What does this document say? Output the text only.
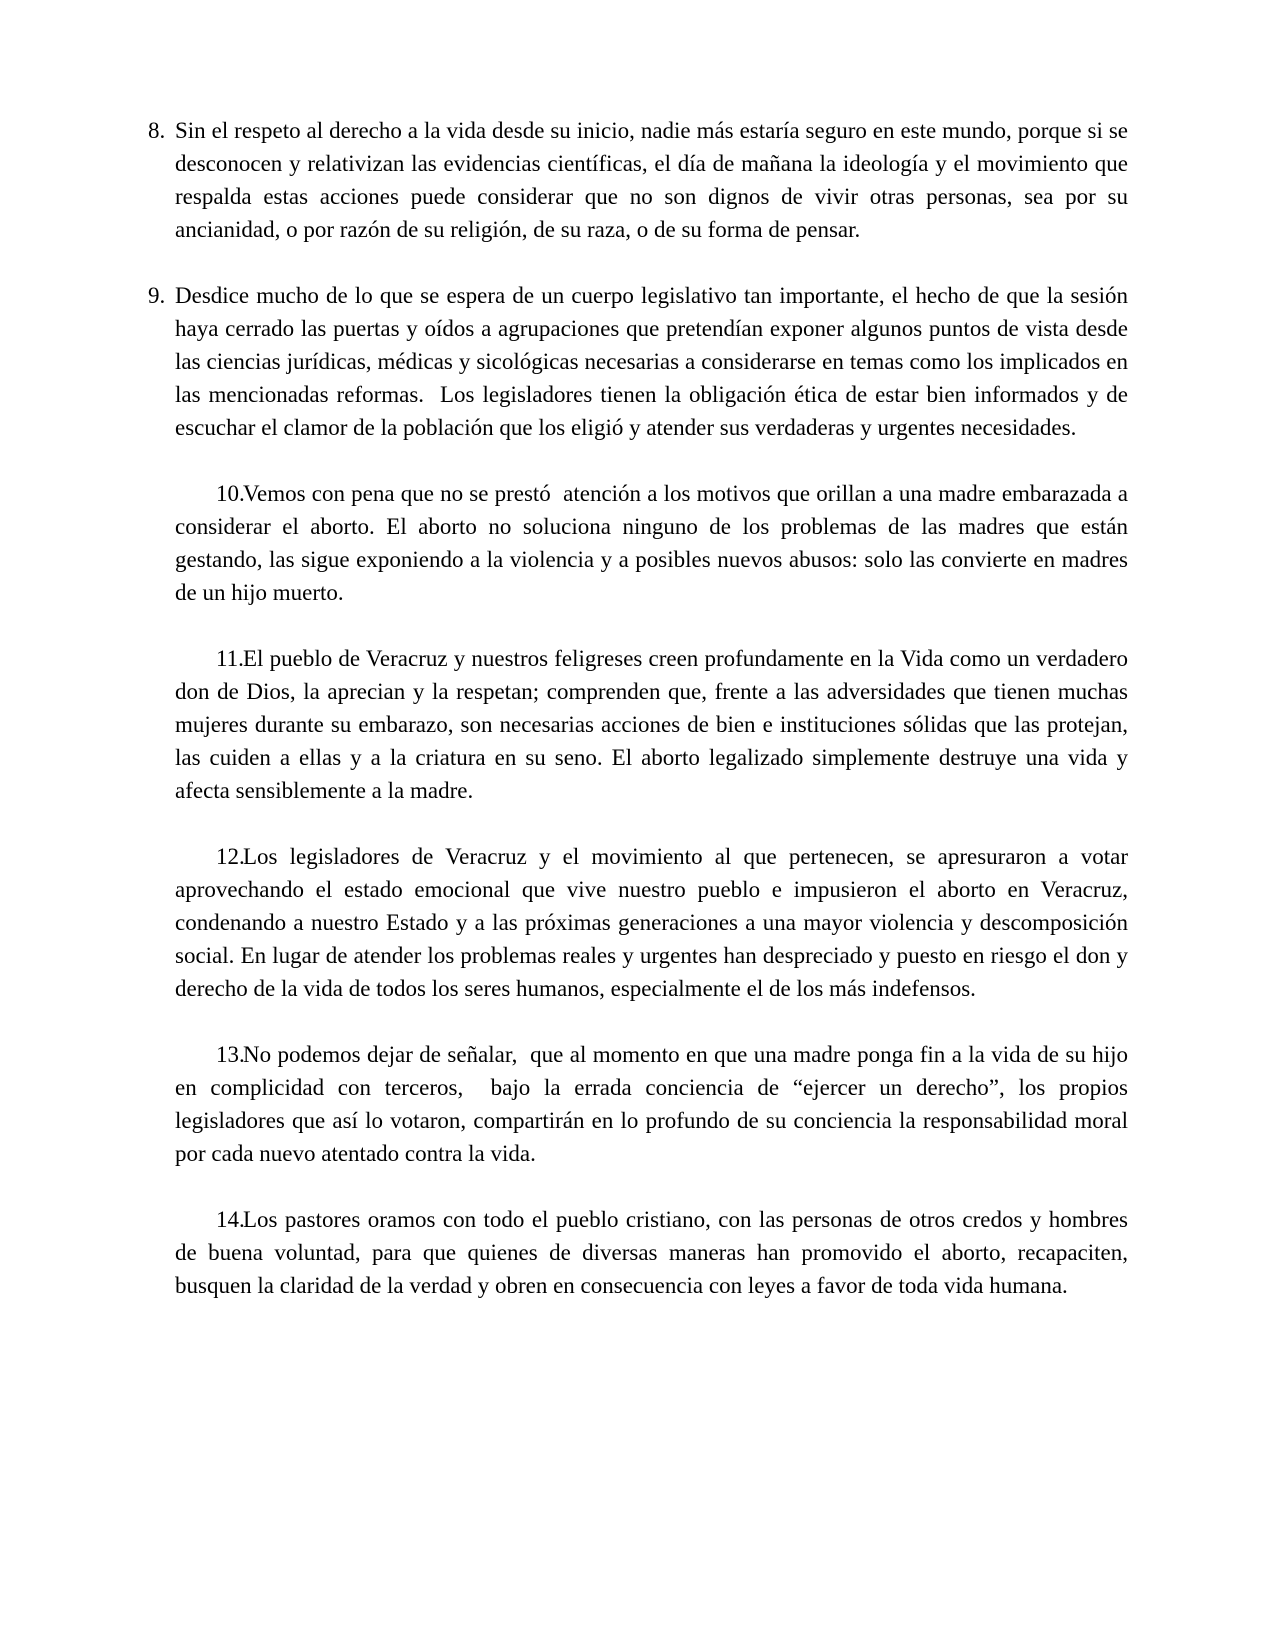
8. Sin el respeto al derecho a la vida desde su inicio, nadie más estaría seguro en este mundo, porque si se desconocen y relativizan las evidencias científicas, el día de mañana la ideología y el movimiento que respalda estas acciones puede considerar que no son dignos de vivir otras personas, sea por su ancianidad, o por razón de su religión, de su raza, o de su forma de pensar.
9. Desdice mucho de lo que se espera de un cuerpo legislativo tan importante, el hecho de que la sesión haya cerrado las puertas y oídos a agrupaciones que pretendían exponer algunos puntos de vista desde las ciencias jurídicas, médicas y sicológicas necesarias a considerarse en temas como los implicados en las mencionadas reformas.  Los legisladores tienen la obligación ética de estar bien informados y de escuchar el clamor de la población que los eligió y atender sus verdaderas y urgentes necesidades.
10.
Vemos con pena que no se prestó  atención a los motivos que orillan a una madre embarazada a considerar el aborto. El aborto no soluciona ninguno de los problemas de las madres que están gestando, las sigue exponiendo a la violencia y a posibles nuevos abusos: solo las convierte en madres de un hijo muerto.
11. El pueblo de Veracruz y nuestros feligreses creen profundamente en la Vida como un verdadero don de Dios, la aprecian y la respetan; comprenden que, frente a las adversidades que tienen muchas mujeres durante su embarazo, son necesarias acciones de bien e instituciones sólidas que las protejan, las cuiden a ellas y a la criatura en su seno. El aborto legalizado simplemente destruye una vida y afecta sensiblemente a la madre.
12.
Los legisladores de Veracruz y el movimiento al que pertenecen, se apresuraron a votar aprovechando el estado emocional que vive nuestro pueblo e impusieron el aborto en Veracruz, condenando a nuestro Estado y a las próximas generaciones a una mayor violencia y descomposición social. En lugar de atender los problemas reales y urgentes han despreciado y puesto en riesgo el don y derecho de la vida de todos los seres humanos, especialmente el de los más indefensos.
13.
No podemos dejar de señalar,  que al momento en que una madre ponga fin a la vida de su hijo en complicidad con terceros,  bajo la errada conciencia de “ejercer un derecho”, los propios legisladores que así lo votaron, compartirán en lo profundo de su conciencia la responsabilidad moral por cada nuevo atentado contra la vida.
14.
Los pastores oramos con todo el pueblo cristiano, con las personas de otros credos y hombres de buena voluntad, para que quienes de diversas maneras han promovido el aborto, recapaciten, busquen la claridad de la verdad y obren en consecuencia con leyes a favor de toda vida humana.
